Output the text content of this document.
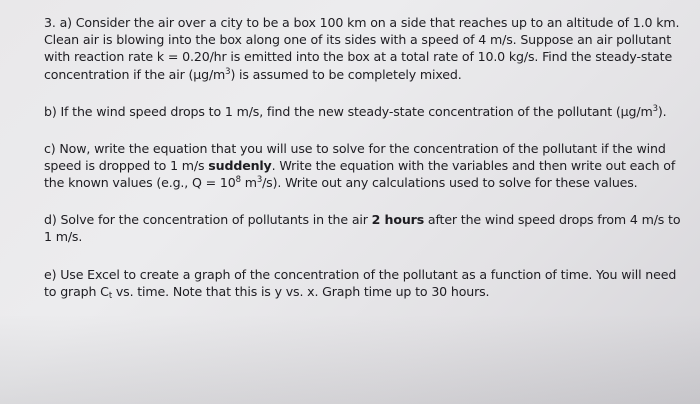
3. a) Consider the air over a city to be a box 100 km on a side that reaches up to an altitude of 1.0 km.
Clean air is blowing into the box along one of its sides with a speed of 4 m/s. Suppose an air pollutant
with reaction rate k = 0.20/hr is emitted into the box at a total rate of 10.0 kg/s. Find the steady-state
concentration if the air $(\mu g/m^3)$ is assumed to be completely mixed.
b) If the wind speed drops to 1 m/s, find the new steady-state concentration of the pollutant $(\mu g/m^3)$.
c) Now, write the equation that you will use to solve for the concentration of the pollutant if the wind
speed is dropped to 1 m/s suddenly. Write the equation with the variables and then write out each of
the known values (e.g., $Q = 10^8$ $m^3/s$). Write out any calculations used to solve for these values.
d) Solve for the concentration of pollutants in the air 2 hours after the wind speed drops from 4 m/s to
1 m/s.
e) Use Excel to create a graph of the concentration of the pollutant as a function of time. You will need
to graph $C_t$ vs. time. Note that this is y vs. x. Graph time up to 30 hours.
